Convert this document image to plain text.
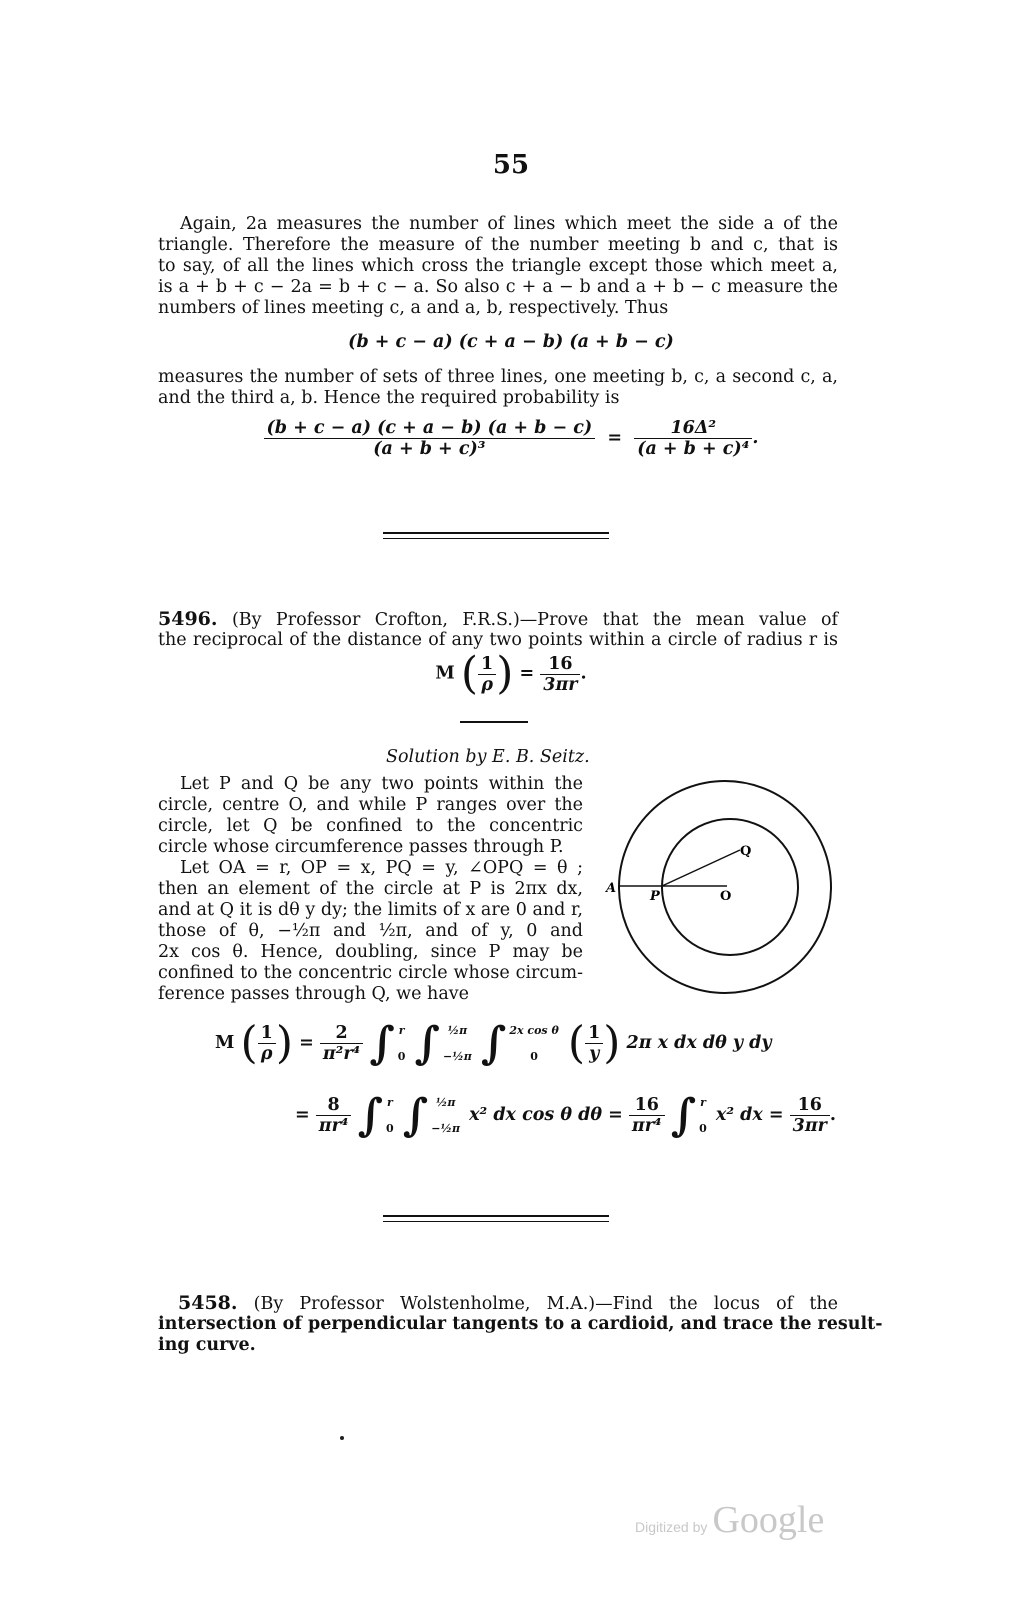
55
Again, 2a measures the number of lines which meet the side a of the
triangle. Therefore the measure of the number meeting b and c, that is
to say, of all the lines which cross the triangle except those which meet a,
is a + b + c − 2a = b + c − a. So also c + a − b and a + b − c measure the
numbers of lines meeting c, a and a, b, respectively. Thus
(b + c − a) (c + a − b) (a + b − c)
measures the number of sets of three lines, one meeting b, c, a second c, a,
and the third a, b. Hence the required probability is
$\frac{(b + c - a) (c + a - b) (a + b - c)}{\text{(a + b + c)³}} = \frac{\text{16Δ²}}{\text{(a + b + c)⁴}}$ .
5496. (By Professor Crofton, F.R.S.)—Prove that the mean value of
the reciprocal of the distance of any two points within a circle of radius r is
M ( $\frac{1}{\rho}$ ) = $\frac{16}{3\pi r}$ .
Solution by E. B. Seitz.
Let P and Q be any two points within the
circle, centre O, and while P ranges over the
circle, let Q be confined to the concentric
circle whose circumference passes through P.
Let OA = r, OP = x, PQ = y, ∠OPQ = θ ;
then an element of the circle at P is 2πx dx,
and at Q it is dθ y dy; the limits of x are 0 and r,
those of θ, −½π and ½π, and of y, 0 and
2x cos θ. Hence, doubling, since P may be
confined to the concentric circle whose circum-
ference passes through Q, we have
A
P	O
Q
M ( $\frac{1}{\rho}$ ) = $\frac{2}{\text{π²r⁴}}$ ∫ r

0 ∫ ½π

−½π ∫ 2x cos θ

0 ( $\frac{1}{y}$ ) 2π x dx dθ y dy
= $\frac{8}{\text{πr⁴}}$ ∫ r

0 ∫ ½π

−½π
x² dx cos θ $d\theta = \frac{16}{\text{πr⁴}}$ ∫ r

0
x² dx = $\frac{16}{3\pi r}$ .
5458. (By Professor Wolstenholme, M.A.)—Find the locus of the
intersection of perpendicular tangents to a cardioid, and trace the result-
ing curve.
Digitized by Google
